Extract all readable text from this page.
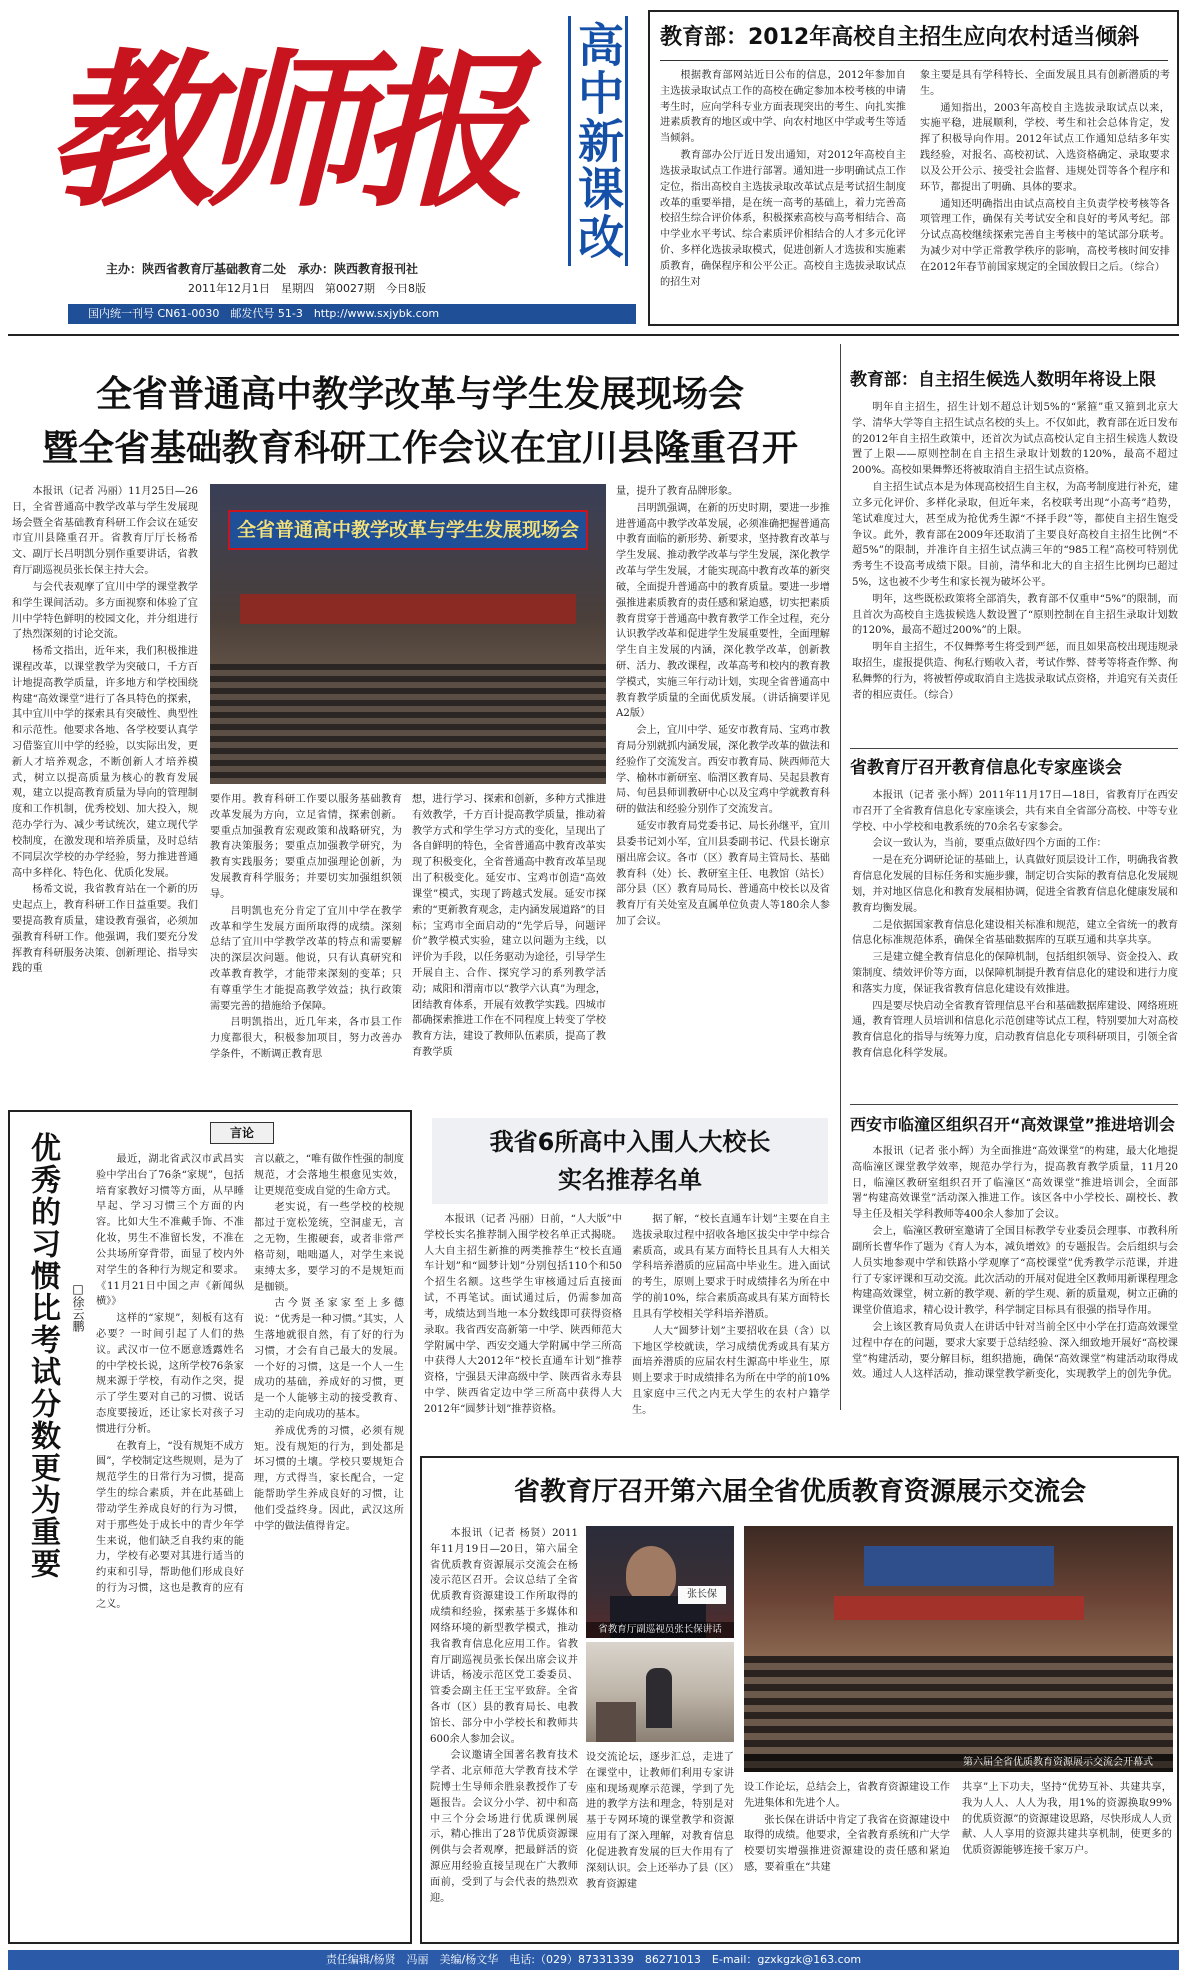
教师报	高中新课改
主办：陕西省教育厅基础教育二处　承办：陕西教育报刊社
2011年12月1日　星期四　第0027期　今日8版
国内统一刊号 CN61-0030　邮发代号 51-3　http://www.sxjybk.com
教育部：2012年高校自主招生应向农村适当倾斜

根据教育部网站近日公布的信息，2012年参加自主选拔录取试点工作的高校在确定参加本校考核的申请考生时，应向学科专业方面表现突出的考生、向扎实推进素质教育的地区或中学、向农村地区中学或考生等适当倾斜。

教育部办公厅近日发出通知，对2012年高校自主选拔录取试点工作进行部署。通知进一步明确试点工作定位，指出高校自主选拔录取改革试点是考试招生制度改革的重要举措，是在统一高考的基础上，着力完善高校招生综合评价体系，积极探索高校与高考相结合、高中学业水平考试、综合素质评价相结合的人才多元化评价、多样化选拔录取模式，促进创新人才选拔和实施素质教育，确保程序和公平公正。高校自主选拔录取试点的招生对

象主要是具有学科特长、全面发展且具有创新潜质的考生。

通知指出，2003年高校自主选拔录取试点以来，实施平稳，进展顺利，学校、考生和社会总体肯定，发挥了积极导向作用。2012年试点工作通知总结多年实践经验，对报名、高校初试、入选资格确定、录取要求以及公开公示、接受社会监督、违规处罚等各个程序和环节，都提出了明确、具体的要求。

通知还明确指出由试点高校自主负责学校考核等各项管理工作，确保有关考试安全和良好的考风考纪。部分试点高校继续探索完善自主考核中的笔试部分联考。为减少对中学正常教学秩序的影响，高校考核时间安排在2012年春节前国家规定的全国放假日之后。（综合）

全省普通高中教学改革与学生发展现场会
暨全省基础教育科研工作会议在宜川县隆重召开

本报讯（记者 冯丽）11月25日—26日，全省普通高中教学改革与学生发展现场会暨全省基础教育科研工作会议在延安市宜川县隆重召开。省教育厅厅长杨希文、副厅长吕明凯分别作重要讲话，省教育厅副巡视员张长保主持大会。

与会代表观摩了宜川中学的课堂教学和学生课间活动。多方面视察和体验了宜川中学特色鲜明的校园文化，并分组进行了热烈深刻的讨论交流。

杨希文指出，近年来，我们积极推进课程改革，以课堂教学为突破口，千方百计地提高教学质量，许多地方和学校围绕构建“高效课堂”进行了各具特色的探索，其中宜川中学的探索具有突破性、典型性和示范性。他要求各地、各学校要认真学习借鉴宜川中学的经验，以实际出发，更新人才培养观念，不断创新人才培养模式，树立以提高质量为核心的教育发展观，建立以提高教育质量为导向的管理制度和工作机制，优秀校划、加大投入，规范办学行为、减少考试统次，建立现代学校制度，在激发现和培养质量，及时总结不同层次学校的办学经验，努力推进普通高中多样化、特色化、优质化发展。

杨希文说，我省教育站在一个新的历史起点上，教育科研工作日益重要。我们要提高教育质量，建设教育强省，必须加强教育科研工作。他强调，我们要充分发挥教育科研服务决策、创新理论、指导实践的重

全省普通高中教学改革与学生发展现场会

要作用。教育科研工作要以服务基础教育改革发展为方向，立足省情，探索创新。要重点加强教育宏观政策和战略研究，为教育决策服务；要重点加强教学研究，为教育实践服务；要重点加强理论创新，为发展教育科学服务；并要切实加强组织领导。

吕明凯也充分肯定了宜川中学在教学改革和学生发展方面所取得的成绩。深刻总结了宜川中学教学改革的特点和需要解决的深层次问题。他说，只有认真研究和改革教育教学，才能带来深刻的变革；只有尊重学生才能提高教学效益；执行政策需要完善的措施给予保障。

吕明凯指出，近几年来，各市县工作力度都很大，积极参加项目，努力改善办学条件，不断调正教育思

想，进行学习、探索和创新，多种方式推进有效教学，千方百计提高教学质量，推动着教学方式和学生学习方式的变化，呈现出了各自鲜明的特色，全省普通高中教育改革实现了积极变化，全省普通高中教育改革呈现出了积极变化。延安市、宝鸡市创造“高效课堂”模式，实现了跨越式发展。延安市探索的“更新教育观念，走内涵发展道路”的目标；宝鸡市全面启动的“先学后导，问题评价”教学模式实验，建立以问题为主线，以评价为手段，以任务驱动为途径，引导学生开展自主、合作、探究学习的系列教学活动；咸阳和渭南市以“教学六认真”为理念，团结教育体系，开展有效教学实践。四城市都确探索推进工作在不同程度上转变了学校教育方法，建设了教师队伍素质，提高了教育教学质

量，提升了教育品牌形象。

吕明凯强调，在新的历史时期，要进一步推进普通高中教学改革发展，必须准确把握普通高中教育面临的新形势、新要求，坚持教育改革与学生发展、推动教学改革与学生发展，深化教学改革与学生发展，才能实现高中教育改革的新突破，全面提升普通高中的教育质量。要进一步增强推进素质教育的责任感和紧迫感，切实把素质教育贯穿于普通高中教育教学工作全过程，充分认识教学改革和促进学生发展重要性，全面理解学生自主发展的内涵，深化教学改革，创新教研、活力、教改课程，改革高考和校内的教育教学模式，实施三年行动计划，实现全省普通高中教育教学质量的全面优质发展。（讲话摘要详见A2版）

会上，宜川中学、延安市教育局、宝鸡市教育局分别就抓内涵发展，深化教学改革的做法和经验作了交流发言。西安市教育局、陕西师范大学、榆林市新研室、临渭区教育局、吴起县教育局、旬邑县师训教研中心以及宝鸡中学就教育科研的做法和经验分别作了交流发言。

延安市教育局党委书记、局长孙继平，宜川县委书记刘小军，宜川县委副书记、代县长谢京丽出席会议。各市（区）教育局主管局长、基础教育科（处）长、教研室主任、电教馆（站长）部分县（区）教育局局长、普通高中校长以及省教育厅有关处室及直属单位负责人等180余人参加了会议。

教育部：自主招生候选人数明年将设上限

明年自主招生，招生计划不超总计划5%的“紧箍”重又箍到北京大学、清华大学等自主招生试点名校的头上。不仅如此，教育部在近日发布的2012年自主招生政策中，还首次为试点高校认定自主招生候选人数设置了上限——原则控制在自主招生录取计划数的120%，最高不超过200%。高校如果舞弊还将被取消自主招生试点资格。

自主招生试点本是为体现高校招生自主权，为高考制度进行补充，建立多元化评价、多样化录取，但近年来，名校联考出现“小高考”趋势，笔试难度过大，甚至成为抢优秀生源“不择手段”等，都使自主招生饱受争议。此外，教育部在2009年还取消了主要良好高校自主招生比例“不超5%”的限制，并准许自主招生试点满三年的“985工程”高校可特别优秀考生不设高考成绩下限。目前，清华和北大的自主招生比例均已超过5%，这也被不少考生和家长视为破坏公平。

明年，这些既松政策将全部消失，教育部不仅重申“5%”的限制，而且首次为高校自主选拔候选人数设置了“原则控制在自主招生录取计划数的120%，最高不超过200%”的上限。

明年自主招生，不仅舞弊考生将受到严惩，而且如果高校出现违规录取招生，虚报提供造、徇私行贿收入者，考试作弊、替考等将查作弊、徇私舞弊的行为，将被暂停或取消自主选拔录取试点资格，并追究有关责任者的相应责任。（综合）

省教育厅召开教育信息化专家座谈会

本报讯（记者 张小辉）2011年11月17日—18日，省教育厅在西安市召开了全省教育信息化专家座谈会，共有来自全省部分高校、中等专业学校、中小学校和电教系统的70余名专家参会。

会议一致认为，当前，要重点做好四个方面的工作：

一是在充分调研论证的基础上，认真做好顶层设计工作，明确我省教育信息化发展的目标任务和实施步骤，制定切合实际的教育信息化发展规划，并对地区信息化和教育发展相协调，促进全省教育信息化健康发展和教育均衡发展。

二是依据国家教育信息化建设相关标准和规范，建立全省统一的教育信息化标准规范体系，确保全省基础数据库的互联互通和共享共享。

三是建立健全教育信息化的保障机制，包括组织领导、资金投入、政策制度、绩效评价等方面，以保障机制提升教育信息化的建设和进行力度和落实力度，保证我省教育信息化建设有效推进。

四是要尽快启动全省教育管理信息平台和基础数据库建设、网络班班通，教育管理人员培训和信息化示范创建等试点工程，特别要加大对高校教育信息化的指导与统筹力度，启动教育信息化专项科研项目，引领全省教育信息化科学发展。

西安市临潼区组织召开“高效课堂”推进培训会

本报讯（记者 张小辉）为全面推进“高效课堂”的构建，最大化地提高临潼区课堂教学效率，规范办学行为，提高教育教学质量，11月20日，临潼区教研室组织召开了临潼区“高效课堂”推进培训会，全面部署“构建高效课堂”活动深入推进工作。该区各中小学校长、副校长、教导主任及相关学科教师等400余人参加了会议。

会上，临潼区教研室邀请了全国目标教学专业委员会理事、市教科所副所长曹华作了题为《育人为本，减负增效》的专题报告。会后组织与会人员实地参观中学和铁路小学观摩了“高校课堂”优秀教学示范课，并进行了专家评课和互动交流。此次活动的开展对促进全区教师用新课程理念构建高效课堂，树立新的教学观、新的学生观、新的质量观，树立正确的课堂价值追求，精心设计教学，科学制定目标具有很强的指导作用。

会上该区教育局负责人在讲话中针对当前全区中小学在打造高效课堂过程中存在的问题，要求大家要于总结经验、深入细致地开展好“高校课堂”构建活动，要分解目标，组织措施，确保“高效课堂”构建活动取得成效。通过人人这样活动，推动课堂教学新变化，实现教学上的创先争优。

言论
优秀的习惯比考试分数更为重要 □徐云鹏

最近，湖北省武汉市武昌实验中学出台了76条“家规”，包括培育家教好习惯等方面，从早睡早起、学习习惯三个方面的内容。比如大生不准戴手饰、不准化妆，男生不准留长发，不准在公共场所穿背带，面显了校内外对学生的各种行为规定和要求。《11月21日中国之声《新闻纵横》》

这样的“家规”，刻板有这有必要？一时间引起了人们的热议。武汉市一位不愿意透露姓名的中学校长说，这所学校76条家规来源于学校，有动作之突，提示了学生要对自己的习惯、说话态度要接近，还让家长对孩子习惯进行分析。

在教育上，“没有规矩不成方圆”，学校制定这些规则，是为了规范学生的日常行为习惯，提高学生的综合素质，并在此基础上带动学生养成良好的行为习惯，对于那些处于成长中的青少年学生来说，他们缺乏自我约束的能力，学校有必要对其进行适当的约束和引导，帮助他们形成良好的行为习惯，这也是教育的应有之义。

言以蔽之，“唯有做作性强的制度规范，才会落地生根愈见实效，让更规范变成自觉的生命方式。

老实说，有一些学校的校规都过于宽松笼统，空洞虚无，言之无物，生搬硬套，或者非常严格苛刻，咄咄逼人，对学生来说束缚太多，要学习的不是规矩而是枷锁。

古今贤圣家家至上多德说：“优秀是一种习惯。”其实，人生落地就很自然，有了好的行为习惯，才会有自己最大的发展。一个好的习惯，这是一个人一生成功的基础，养成好的习惯，更是一个人能够主动的接受教育、主动的走向成功的基本。

养成优秀的习惯，必须有规矩。没有规矩的行为，到处都是坏习惯的土壤。学校只要规矩合理，方式得当，家长配合，一定能帮助学生养成良好的习惯，让他们受益终身。因此，武汉这所中学的做法值得肯定。

我省6所高中入围人大校长
实名推荐名单

本报讯（记者 冯丽）日前，“人大版”中学校长实名推荐制入围学校名单正式揭晓。人大自主招生新推的两类推荐生“校长直通车计划”和“圆梦计划”分别包括110个和50个招生名额。这些学生审核通过后直接面试，不再笔试。面试通过后，仍需参加高考，成绩达到当地一本分数线即可获得资格录取。我省西安高新第一中学、陕西师范大学附属中学、西安交通大学附属中学三所高中获得人大2012年“校长直通车计划”推荐资格，宁强县天津高级中学、陕西省永寿县中学、陕西省定边中学三所高中获得人大2012年“圆梦计划”推荐资格。

据了解，“校长直通车计划”主要在自主选拔录取过程中招收各地区拔尖中学中综合素质高，或具有某方面特长且具有人大相关学科培养潜质的应届高中毕业生。进入面试的考生，原则上要求于时成绩排名为所在中学的前10%，综合素质高或具有某方面特长且具有学校相关学科培养潜质。

人大“圆梦计划”主要招收在县（含）以下地区学校就读，学习成绩优秀或具有某方面培养潜质的应届农村生源高中毕业生，原则上要求于时成绩排名为所在中学的前10%且家庭中三代之内无大学生的农村户籍学生。

省教育厅召开第六届全省优质教育资源展示交流会

本报讯（记者 杨贤）2011年11月19日—20日，第六届全省优质教育资源展示交流会在杨凌示范区召开。会议总结了全省优质教育资源建设工作所取得的成绩和经验，探索基于多媒体和网络环境的新型教学模式，推动我省教育信息化应用工作。省教育厅副巡视员张长保出席会议并讲话，杨凌示范区党工委委员、管委会副主任王宝平致辞。全省各市（区）县的教育局长、电教馆长、部分中小学校长和教师共600余人参加会议。

会议邀请全国著名教育技术学者、北京师范大学教育技术学院博士生导师余胜泉教授作了专题报告。会议分小学、初中和高中三个分会场进行优质课例展示，精心推出了28节优质资源课例供与会者观摩，把最鲜活的资源应用经验直接呈现在广大教师面前，受到了与会代表的热烈欢迎。

张长保
省教育厅副巡视员张长保讲话

设交流论坛，逐步汇总，走进了在课堂中，让教师们利用专家讲座和现场观摩示范课，学到了先进的教学方法和理念，特别是对基于专网环境的课堂教学和资源应用有了深入理解，对教育信息化促进教育发展的巨大作用有了深刻认识。会上还举办了县（区）教育资源建

第六届全省优质教育资源展示交流会开幕式

设工作论坛，总结会上，省教育资源建设工作先进集体和先进个人。

张长保在讲话中肯定了我省在资源建设中取得的成绩。他要求，全省教育系统和广大学校要切实增强推进资源建设的责任感和紧迫感，要着重在“共建

共享”上下功夫，坚持“优势互补、共建共享，我为人人、人人为我，用1%的资源换取99%的优质资源”的资源建设思路，尽快形成人人贡献、人人享用的资源共建共享机制，使更多的优质资源能够连接千家万户。

责任编辑/杨贤　冯丽　美编/杨文华　电话:（029）87331339　86271013　E-mail：gzxkgzk@163.com
